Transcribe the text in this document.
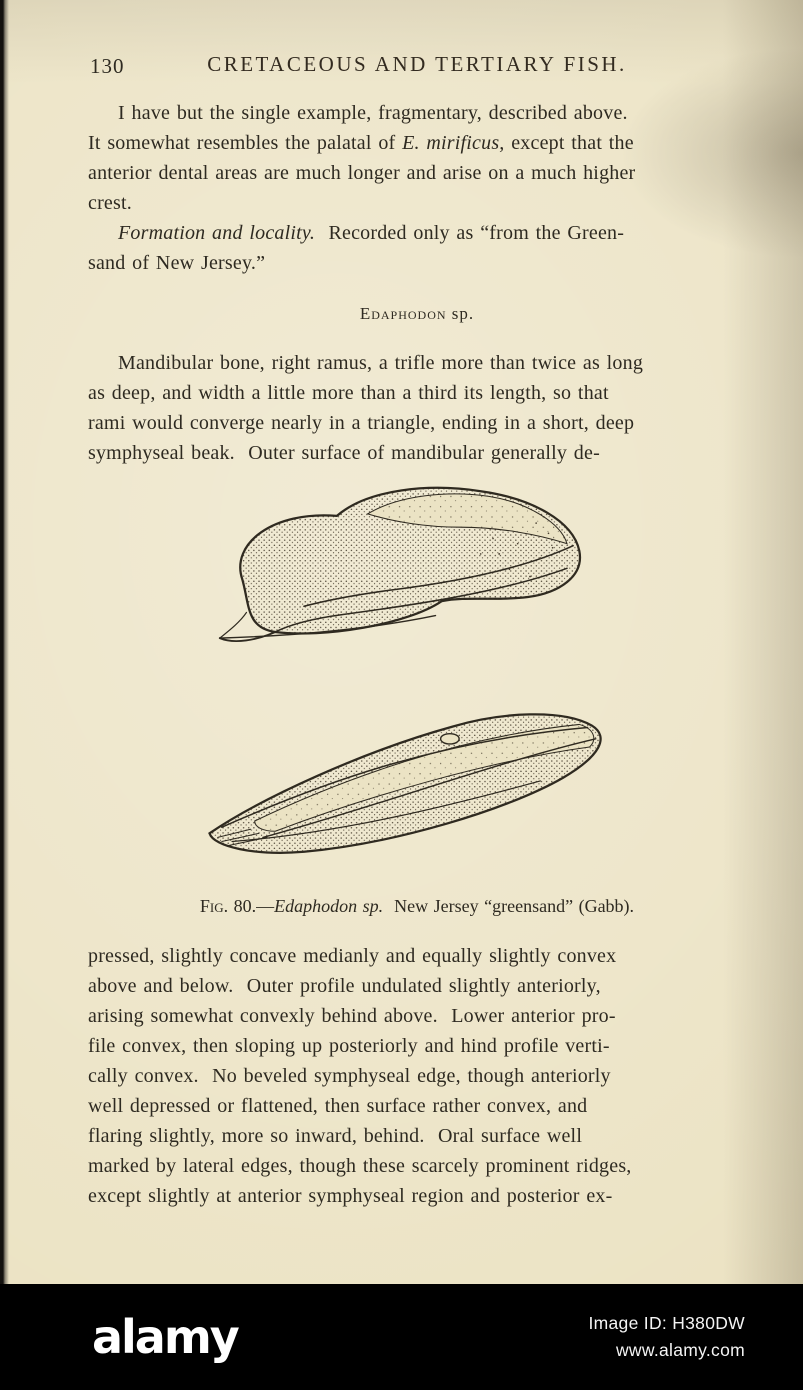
130	CRETACEOUS AND TERTIARY FISH.
I have but the single example, fragmentary, described above.
It somewhat resembles the palatal of E. mirificus, except that the
anterior dental areas are much longer and arise on a much higher
crest.
Formation and locality.  Recorded only as “from the Green-
sand of New Jersey.”
Edaphodon sp.
Mandibular bone, right ramus, a trifle more than twice as long
as deep, and width a little more than a third its length, so that
rami would converge nearly in a triangle, ending in a short, deep
symphyseal beak.  Outer surface of mandibular generally de-
Fig. 80.—Edaphodon sp.  New Jersey “greensand” (Gabb).
pressed, slightly concave medianly and equally slightly convex
above and below.  Outer profile undulated slightly anteriorly,
arising somewhat convexly behind above.  Lower anterior pro-
file convex, then sloping up posteriorly and hind profile verti-
cally convex.  No beveled symphyseal edge, though anteriorly
well depressed or flattened, then surface rather convex, and
flaring slightly, more so inward, behind.  Oral surface well
marked by lateral edges, though these scarcely prominent ridges,
except slightly at anterior symphyseal region and posterior ex-
alamy	Image ID: H380DW
www.alamy.com
